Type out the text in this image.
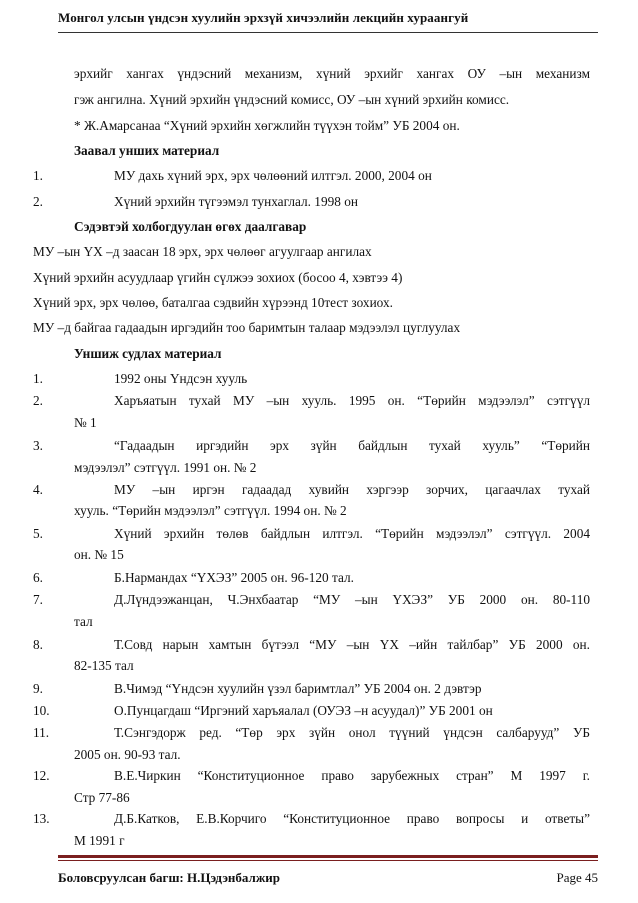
Монгол улсын үндсэн хуулийн эрхзүй хичээлийн лекцийн хураангуй
эрхийг хангах үндэсний механизм, хүний эрхийг хангах ОУ –ын механизм
гэж ангилна. Хүний эрхийн үндэсний комисс, ОУ –ын хүний эрхийн комисс.
* Ж.Амарсанаа “Хүний эрхийн хөгжлийн түүхэн тойм” УБ 2004 он.
Заавал унших материал
1.	МУ дахь хүний эрх, эрх чөлөөний илтгэл. 2000, 2004 он
2.	Хүний эрхийн түгээмэл тунхаглал. 1998 он
Сэдэвтэй холбогдуулан өгөх даалгавар
МУ –ын ҮХ –д заасан 18 эрх, эрх чөлөөг агуулгаар ангилах
Хүний эрхийн асуудлаар үгийн сүлжээ зохиох (босоо 4, хэвтээ 4)
Хүний эрх, эрх чөлөө, баталгаа сэдвийн хүрээнд 10тест зохиох.
МУ –д байгаа гадаадын иргэдийн тоо баримтын талаар мэдээлэл цуглуулах
Уншиж судлах материал
1.	1992 оны Үндсэн хууль
2.	Харъяатын тухай МУ –ын хууль. 1995 он. “Төрийн мэдээлэл” сэтгүүл
№ 1
3.	“Гадаадын иргэдийн эрх зүйн байдлын тухай хууль” “Төрийн
мэдээлэл” сэтгүүл. 1991 он. № 2
4.	МУ –ын иргэн гадаадад хувийн хэргээр зорчих, цагаачлах тухай
хууль. “Төрийн мэдээлэл” сэтгүүл. 1994 он. № 2
5.	Хүний эрхийн төлөв байдлын илтгэл. “Төрийн мэдээлэл” сэтгүүл. 2004
он. № 15
6.	Б.Нармандах “ҮХЭЗ” 2005 он. 96-120 тал.
7.	Д.Лүндээжанцан, Ч.Энхбаатар “МУ –ын ҮХЭЗ” УБ 2000 он. 80-110
тал
8.	Т.Совд нарын хамтын бүтээл “МУ –ын ҮХ –ийн тайлбар” УБ 2000 он.
82-135 тал
9.	В.Чимэд “Үндсэн хуулийн үзэл баримтлал” УБ 2004 он. 2 дэвтэр
10.	О.Пунцагдаш “Иргэний харъяалал (ОУЭЗ –н асуудал)” УБ 2001 он
11.	Т.Сэнгэдорж ред. “Төр эрх зүйн онол түүний үндсэн салбарууд” УБ
2005 он. 90-93 тал.
12.	В.Е.Чиркин “Конституционное право зарубежных стран” М 1997 г.
Стр 77-86
13.	Д.Б.Катков, Е.В.Корчиго “Конституционное право вопросы и ответы”
М 1991 г
Боловсруулсан багш: Н.Цэдэнбалжир	Page 45
